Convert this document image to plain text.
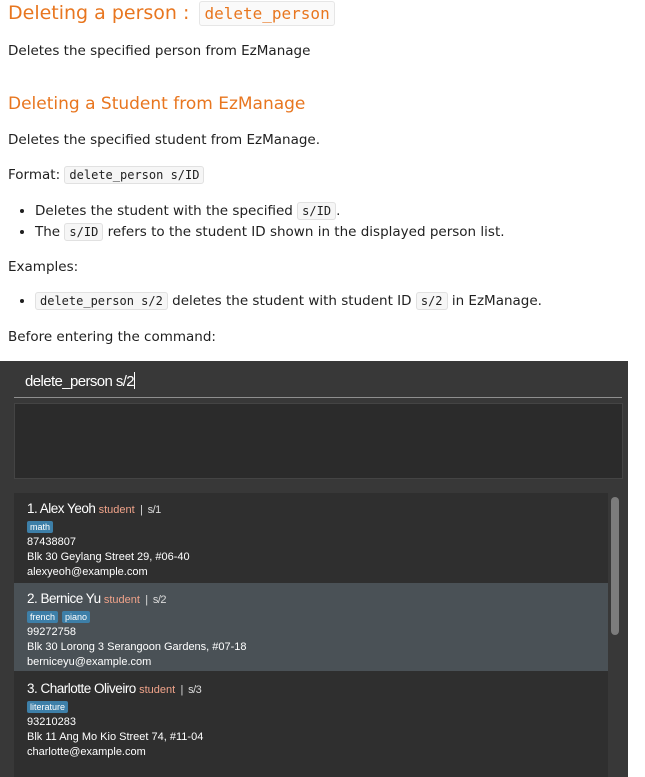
Deleting a person : delete_person

Deletes the specified person from EzManage

Deleting a Student from EzManage

Deletes the specified student from EzManage.

Format: delete_person s/ID

• Deletes the student with the specified s/ID .
• The s/ID refers to the student ID shown in the displayed person list.

Examples:

• delete_person s/2 deletes the student with student ID s/2 in EzManage.

Before entering the command:

delete_person s/2
1. Alex Yeoh student | s/1
math
87438807
Blk 30 Geylang Street 29, #06-40
alexyeoh@example.com
2. Bernice Yu student | s/2
french piano
99272758
Blk 30 Lorong 3 Serangoon Gardens, #07-18
berniceyu@example.com
3. Charlotte Oliveiro student | s/3
literature
93210283
Blk 11 Ang Mo Kio Street 74, #11-04
charlotte@example.com
